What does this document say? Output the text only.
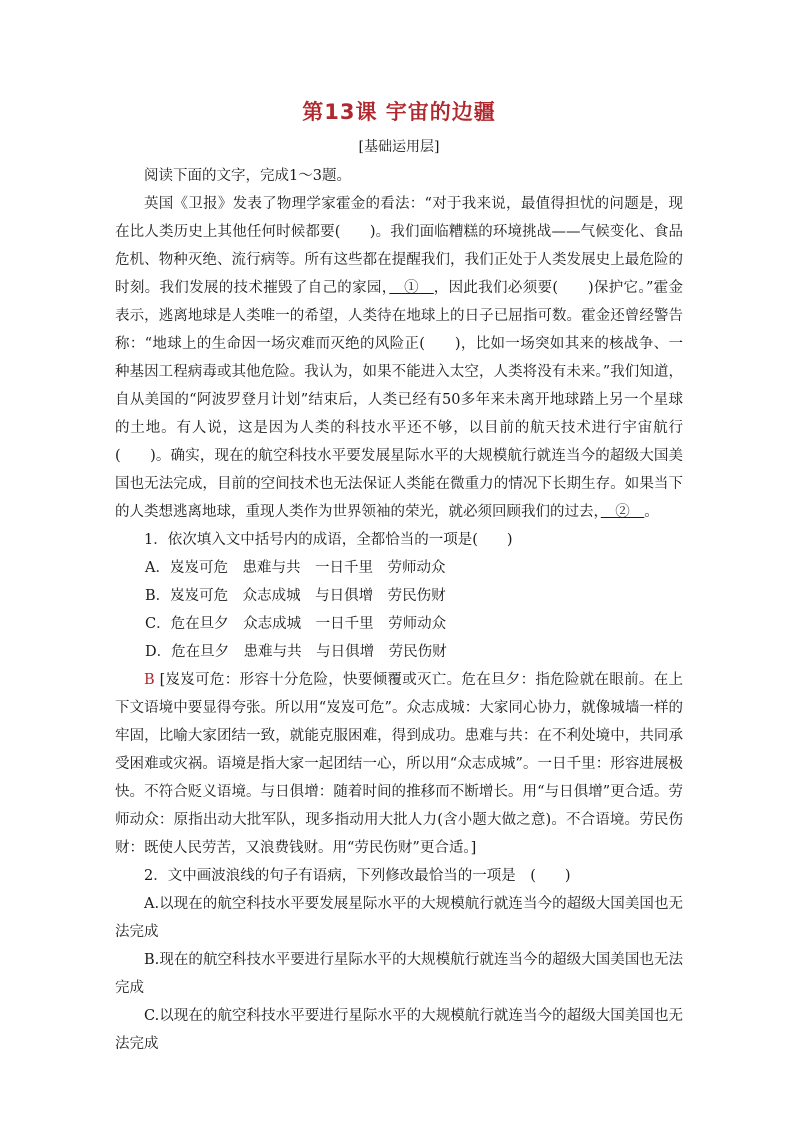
第13课 宇宙的边疆
[基础运用层]

阅读下面的文字，完成1～3题。

英国《卫报》发表了物理学家霍金的看法：“对于我来说，最值得担忧的问题是，现在比人类历史上其他任何时候都要(　　)。我们面临糟糕的环境挑战——气候变化、食品危机、物种灭绝、流行病等。所有这些都在提醒我们，我们正处于人类发展史上最危险的时刻。我们发展的技术摧毁了自己的家园，　①　，因此我们必须要(　　)保护它。”霍金表示，逃离地球是人类唯一的希望，人类待在地球上的日子已屈指可数。霍金还曾经警告称：“地球上的生命因一场灾难而灭绝的风险正(　　)，比如一场突如其来的核战争、一种基因工程病毒或其他危险。我认为，如果不能进入太空，人类将没有未来。”我们知道，自从美国的“阿波罗登月计划”结束后，人类已经有50多年来未离开地球踏上另一个星球的土地。有人说，这是因为人类的科技水平还不够，以目前的航天技术进行宇宙航行(　　)。确实，现在的航空科技水平要发展星际水平的大规模航行就连当今的超级大国美国也无法完成，目前的空间技术也无法保证人类能在微重力的情况下长期生存。如果当下的人类想逃离地球，重现人类作为世界领袖的荣光，就必须回顾我们的过去，　②　。

1．依次填入文中括号内的成语，全都恰当的一项是(　　)

A．岌岌可危　患难与共　一日千里　劳师动众
B．岌岌可危　众志成城　与日俱增　劳民伤财
C．危在旦夕　众志成城　一日千里　劳师动众
D．危在旦夕　患难与共　与日俱增　劳民伤财

B [岌岌可危：形容十分危险，快要倾覆或灭亡。危在旦夕：指危险就在眼前。在上下文语境中要显得夸张。所以用“岌岌可危”。众志成城：大家同心协力，就像城墙一样的牢固，比喻大家团结一致，就能克服困难，得到成功。患难与共：在不利处境中，共同承受困难或灾祸。语境是指大家一起团结一心，所以用“众志成城”。一日千里：形容进展极快。不符合贬义语境。与日俱增：随着时间的推移而不断增长。用“与日俱增”更合适。劳师动众：原指出动大批军队，现多指动用大批人力(含小题大做之意)。不合语境。劳民伤财：既使人民劳苦，又浪费钱财。用“劳民伤财”更合适。]

2．文中画波浪线的句子有语病，下列修改最恰当的一项是　(　　)

A.以现在的航空科技水平要发展星际水平的大规模航行就连当今的超级大国美国也无法完成

B.现在的航空科技水平要进行星际水平的大规模航行就连当今的超级大国美国也无法完成

C.以现在的航空科技水平要进行星际水平的大规模航行就连当今的超级大国美国也无法完成
